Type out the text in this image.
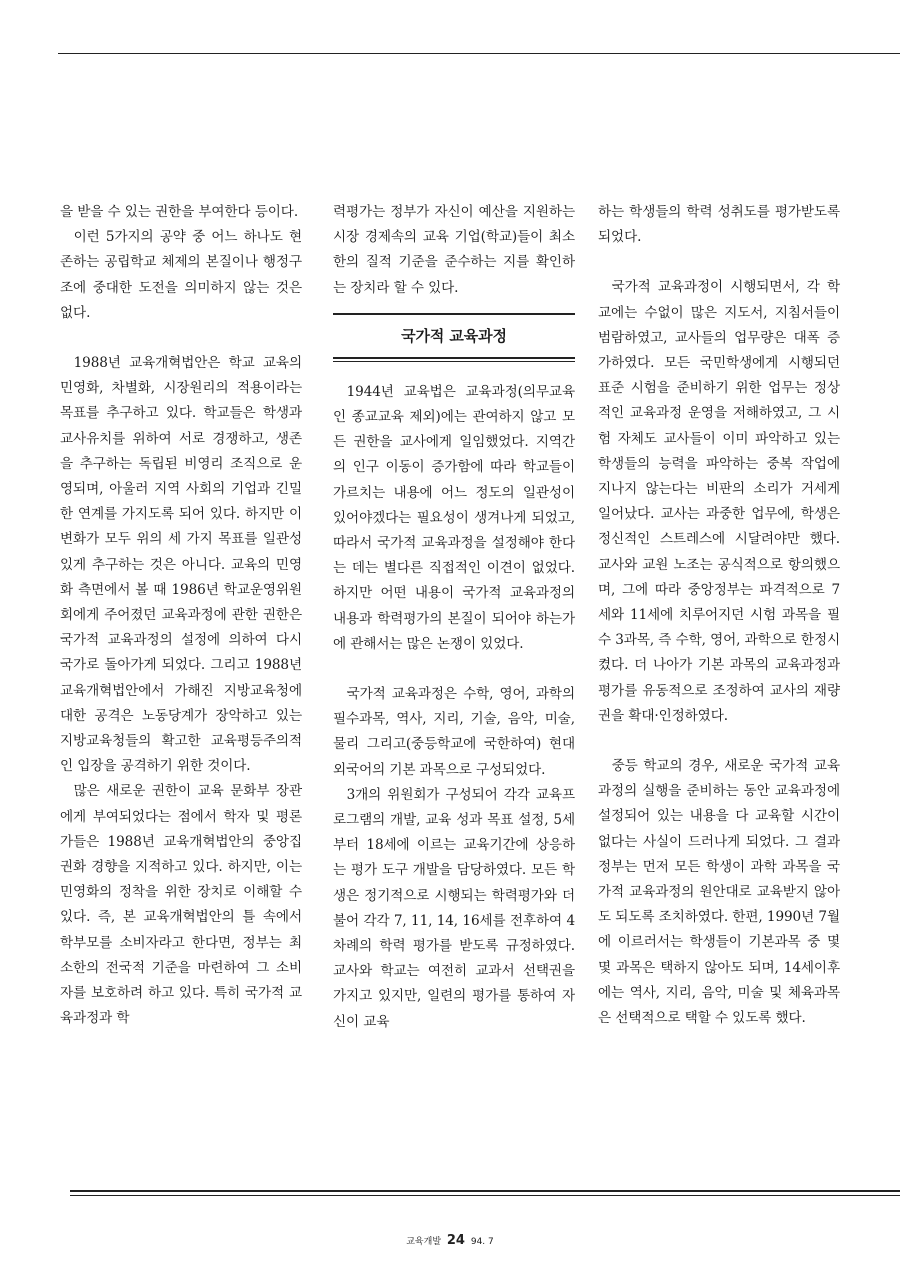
을 받을 수 있는 권한을 부여한다 등이다.

이런 5가지의 공약 중 어느 하나도 현존하는 공립학교 체제의 본질이나 행정구조에 중대한 도전을 의미하지 않는 것은 없다.

1988년 교육개혁법안은 학교 교육의 민영화, 차별화, 시장원리의 적용이라는 목표를 추구하고 있다. 학교들은 학생과 교사유치를 위하여 서로 경쟁하고, 생존을 추구하는 독립된 비영리 조직으로 운영되며, 아울러 지역 사회의 기업과 긴밀한 연계를 가지도록 되어 있다. 하지만 이 변화가 모두 위의 세 가지 목표를 일관성 있게 추구하는 것은 아니다. 교육의 민영화 측면에서 볼 때 1986년 학교운영위원회에게 주어졌던 교육과정에 관한 권한은 국가적 교육과정의 설정에 의하여 다시 국가로 돌아가게 되었다. 그리고 1988년 교육개혁법안에서 가해진 지방교육청에 대한 공격은 노동당계가 장악하고 있는 지방교육청들의 확고한 교육평등주의적인 입장을 공격하기 위한 것이다.

많은 새로운 권한이 교육 문화부 장관에게 부여되었다는 점에서 학자 및 평론가들은 1988년 교육개혁법안의 중앙집권화 경향을 지적하고 있다. 하지만, 이는 민영화의 정착을 위한 장치로 이해할 수 있다. 즉, 본 교육개혁법안의 틀 속에서 학부모를 소비자라고 한다면, 정부는 최소한의 전국적 기준을 마련하여 그 소비자를 보호하려 하고 있다. 특히 국가적 교육과정과 학

력평가는 정부가 자신이 예산을 지원하는 시장 경제속의 교육 기업(학교)들이 최소한의 질적 기준을 준수하는 지를 확인하는 장치라 할 수 있다.

국가적 교육과정

1944년 교육법은 교육과정(의무교육인 종교교육 제외)에는 관여하지 않고 모든 권한을 교사에게 일임했었다. 지역간의 인구 이동이 증가함에 따라 학교들이 가르치는 내용에 어느 정도의 일관성이 있어야겠다는 필요성이 생겨나게 되었고, 따라서 국가적 교육과정을 설정해야 한다는 데는 별다른 직접적인 이견이 없었다. 하지만 어떤 내용이 국가적 교육과정의 내용과 학력평가의 본질이 되어야 하는가에 관해서는 많은 논쟁이 있었다.

국가적 교육과정은 수학, 영어, 과학의 필수과목, 역사, 지리, 기술, 음악, 미술, 물리 그리고(중등학교에 국한하여) 현대 외국어의 기본 과목으로 구성되었다.

3개의 위원회가 구성되어 각각 교육프로그램의 개발, 교육 성과 목표 설정, 5세부터 18세에 이르는 교육기간에 상응하는 평가 도구 개발을 담당하였다. 모든 학생은 정기적으로 시행되는 학력평가와 더불어 각각 7, 11, 14, 16세를 전후하여 4차례의 학력 평가를 받도록 규정하였다. 교사와 학교는 여전히 교과서 선택권을 가지고 있지만, 일련의 평가를 통하여 자신이 교육

하는 학생들의 학력 성취도를 평가받도록 되었다.

국가적 교육과정이 시행되면서, 각 학교에는 수없이 많은 지도서, 지침서들이 범람하였고, 교사들의 업무량은 대폭 증가하였다. 모든 국민학생에게 시행되던 표준 시험을 준비하기 위한 업무는 정상적인 교육과정 운영을 저해하였고, 그 시험 자체도 교사들이 이미 파악하고 있는 학생들의 능력을 파악하는 중복 작업에 지나지 않는다는 비판의 소리가 거세게 일어났다. 교사는 과중한 업무에, 학생은 정신적인 스트레스에 시달려야만 했다. 교사와 교원 노조는 공식적으로 항의했으며, 그에 따라 중앙정부는 파격적으로 7세와 11세에 치루어지던 시험 과목을 필수 3과목, 즉 수학, 영어, 과학으로 한정시켰다. 더 나아가 기본 과목의 교육과정과 평가를 유동적으로 조정하여 교사의 재량권을 확대·인정하였다.

중등 학교의 경우, 새로운 국가적 교육과정의 실행을 준비하는 동안 교육과정에 설정되어 있는 내용을 다 교육할 시간이 없다는 사실이 드러나게 되었다. 그 결과 정부는 먼저 모든 학생이 과학 과목을 국가적 교육과정의 원안대로 교육받지 않아도 되도록 조치하였다. 한편, 1990년 7월에 이르러서는 학생들이 기본과목 중 몇몇 과목은 택하지 않아도 되며, 14세이후에는 역사, 지리, 음악, 미술 및 체육과목은 선택적으로 택할 수 있도록 했다.

교육개발 24 94. 7
